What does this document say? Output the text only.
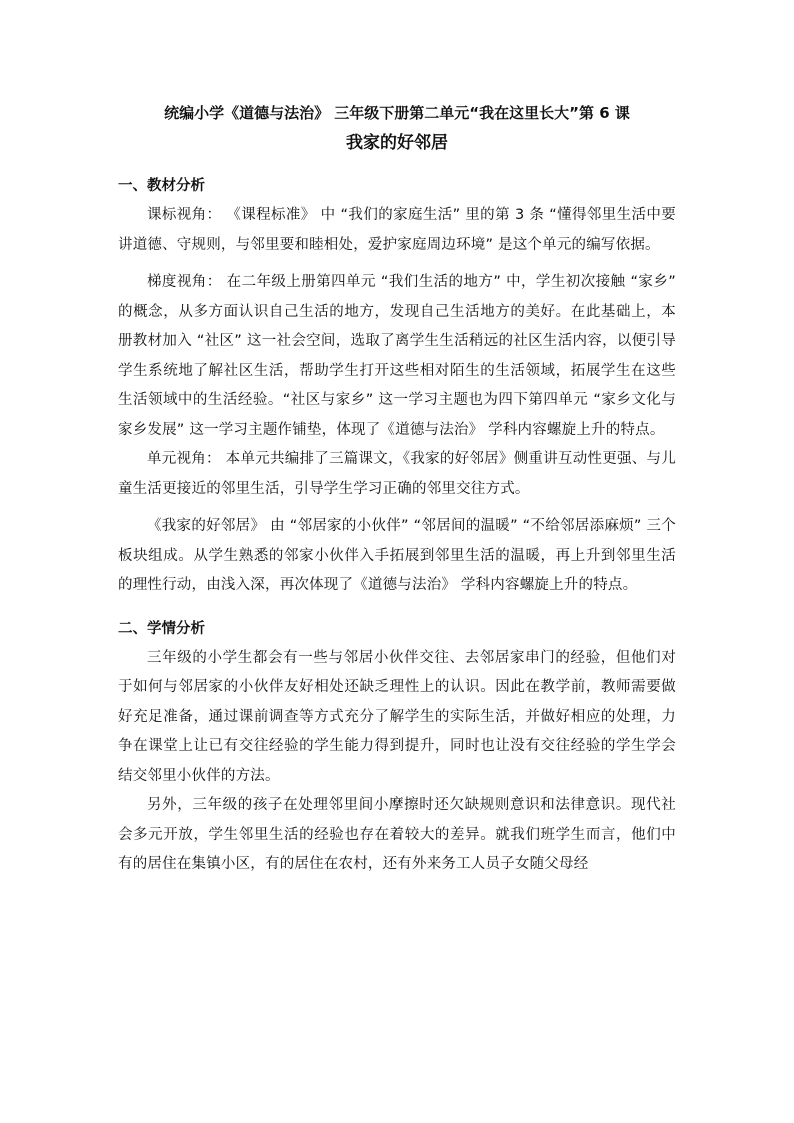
统编小学《道德与法治》 三年级下册第二单元“我在这里长大”第 6 课
我家的好邻居
一、教材分析

课标视角： 《课程标准》 中 “我们的家庭生活” 里的第 3 条 “懂得邻里生活中要讲道德、守规则，与邻里要和睦相处，爱护家庭周边环境” 是这个单元的编写依据。

梯度视角： 在二年级上册第四单元 “我们生活的地方” 中，学生初次接触 “家乡” 的概念，从多方面认识自己生活的地方，发现自己生活地方的美好。在此基础上，本册教材加入 “社区” 这一社会空间，选取了离学生生活稍远的社区生活内容，以便引导学生系统地了解社区生活，帮助学生打开这些相对陌生的生活领域，拓展学生在这些生活领域中的生活经验。“社区与家乡” 这一学习主题也为四下第四单元 “家乡文化与家乡发展” 这一学习主题作铺垫，体现了《道德与法治》 学科内容螺旋上升的特点。

单元视角： 本单元共编排了三篇课文，《我家的好邻居》侧重讲互动性更强、与儿童生活更接近的邻里生活，引导学生学习正确的邻里交往方式。

《我家的好邻居》 由 “邻居家的小伙伴” “邻居间的温暖” “不给邻居添麻烦” 三个板块组成。从学生熟悉的邻家小伙伴入手拓展到邻里生活的温暖，再上升到邻里生活的理性行动，由浅入深，再次体现了《道德与法治》 学科内容螺旋上升的特点。

二、学情分析

三年级的小学生都会有一些与邻居小伙伴交往、去邻居家串门的经验，但他们对于如何与邻居家的小伙伴友好相处还缺乏理性上的认识。因此在教学前，教师需要做好充足准备，通过课前调查等方式充分了解学生的实际生活，并做好相应的处理，力争在课堂上让已有交往经验的学生能力得到提升，同时也让没有交往经验的学生学会结交邻里小伙伴的方法。

另外，三年级的孩子在处理邻里间小摩擦时还欠缺规则意识和法律意识。现代社会多元开放，学生邻里生活的经验也存在着较大的差异。就我们班学生而言，他们中有的居住在集镇小区，有的居住在农村，还有外来务工人员子女随父母经
